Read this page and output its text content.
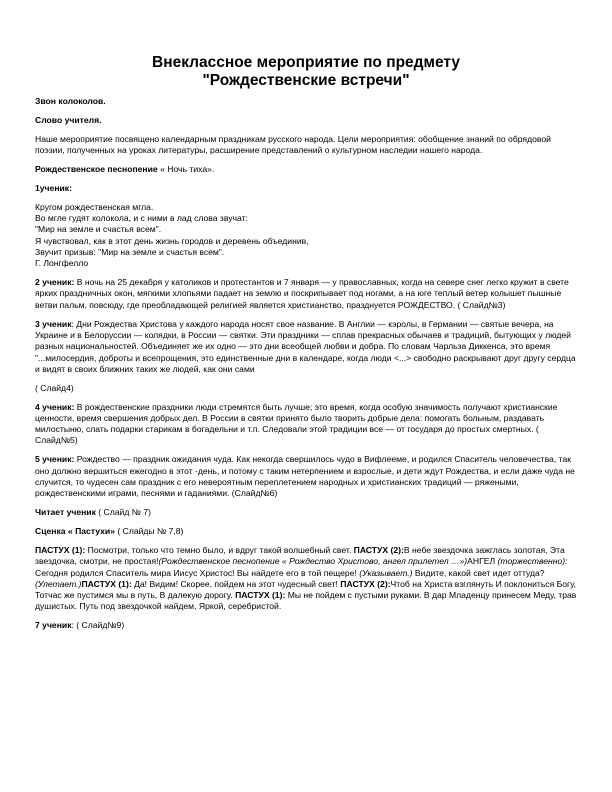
Внеклассное мероприятие по предмету
"Рождественские встречи"

Звон колоколов.

Слово учителя.

Наше мероприятие посвящено календарным праздникам русского народа. Цели мероприятия: обобщение знаний по обрядовой поэзии, полученных на уроках литературы, расширение представлений о культурном наследии нашего народа.

Рождественское песнопение « Ночь тиха».

1ученик:

Кругом рождественская мгла.
Во мгле гудят колокола, и с ними в лад слова звучат:
"Мир на земле и счастья всем".
Я чувствовал, как в этот день жизнь городов и деревень объединив,
Звучит призыв: "Мир на земле и счастья всем".
Г. Лонгфелло

2 ученик: В ночь на 25 декабря у католиков и протестантов и 7 января — у православных, когда на севере снег легко кружит в свете ярких праздничных окон, мягкими хлопьями падает на землю и поскрипывает под ногами, а на юге теплый ветер колышет пышные ветви пальм, повсюду, где преобладающей религией является христианство, празднуется РОЖДЕСТВО. ( Слайд№3)

3 ученик: Дни Рождества Христова у каждого народа носят свое название. В Англии — кэролы, в Германии — святые вечера, на Украине и в Белоруссии — колядки, в России — святки. Эти праздники — сплав прекрасных обычаев и традиций, бытующих у людей разных национальностей. Объединяет же их одно — это дни всеобщей любви и добра. По словам Чарльза Диккенса, это время "...милосердия, доброты и всепрощения, это единственные дни в календаре, когда люди <...> свободно раскрывают друг другу сердца и видят в своих ближних таких же людей, как они сами

( Слайд4)

4 ученик: В рождественские праздники люди стремятся быть лучше; это время, когда особую значимость получают христианские ценности, время свершения добрых дел. В России в святки принято было творить добрые дела: помогать больным, раздавать милостыню, слать подарки старикам в богадельни и т.п. Следовали этой традиции все — от государя до простых смертных. ( Слайд№5)

5 ученик: Рождество — праздник ожидания чуда. Как некогда свершилось чудо в Вифлееме, и родился Спаситель человечества, так оно должно вершиться ежегодно в этот -день, и потому с таким нетерпением и взрослые, и дети ждут Рождества, и если даже чуда не случится, то чудесен сам праздник с его невероятным переплетением народных и христианских традиций — ряжеными, рождественскими играми, песнями и гаданиями. (Слайд№6)

Читает ученик ( Слайд № 7)

Сценка « Пастухи» ( Слайды № 7,8)

ПАСТУХ (1): Посмотри, только что темно было, и вдруг такой волшебный свет. ПАСТУХ (2):В небе звездочка зажглась золотая, Эта звездочка, смотри, не простая!(Рождественское песнопение « Рождество Христово, ангел прилетел …»)АНГЕЛ (торжественно): Сегодня родился Спаситель мира Иисус Христос! Вы найдете его в той пещере! (Указывает.) Видите, какой свет идет оттуда? (Улетает.)ПАСТУХ (1): Да! Видим! Скорее, пойдем на этот чудесный свет! ПАСТУХ (2):Чтоб на Христа взглянуть И поклониться Богу, Тотчас же пустимся мы в путь, В далекую дорогу. ПАСТУХ (1): Мы не пойдем с пустыми руками. В дар Младенцу принесем Меду, трав душистых. Путь под звездочкой найдем, Яркой, серебристой.

7 ученик: ( Слайд№9)
